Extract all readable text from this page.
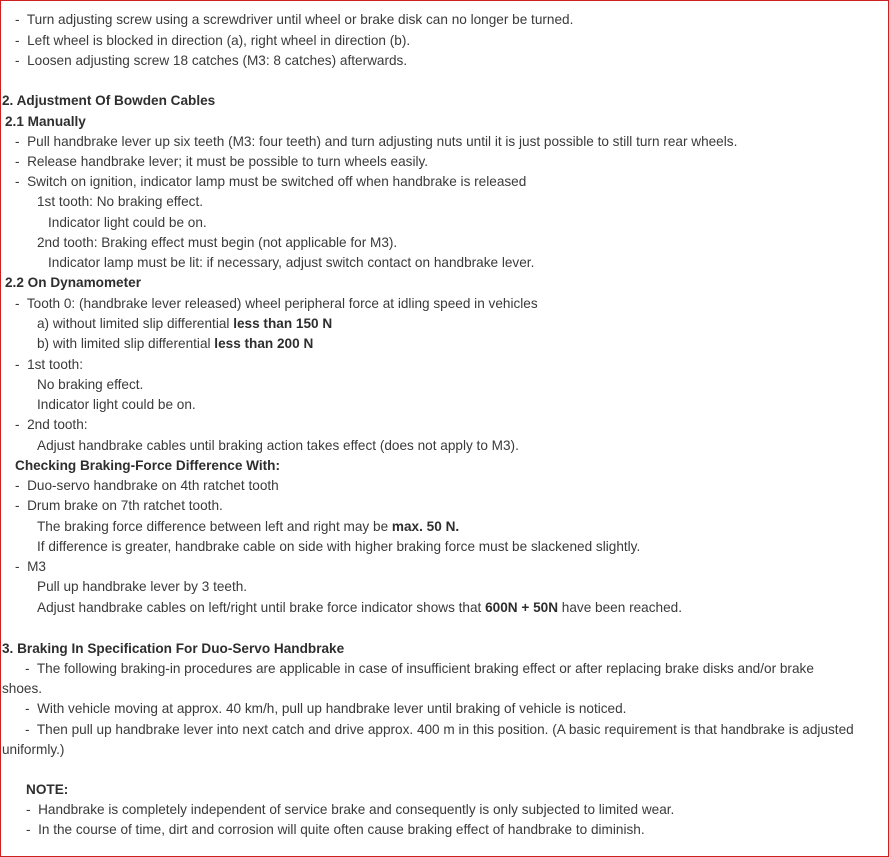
-  Turn adjusting screw using a screwdriver until wheel or brake disk can no longer be turned.
-  Left wheel is blocked in direction (a), right wheel in direction (b).
-  Loosen adjusting screw 18 catches (M3: 8 catches) afterwards.
2. Adjustment Of Bowden Cables
2.1 Manually
-  Pull handbrake lever up six teeth (M3: four teeth) and turn adjusting nuts until it is just possible to still turn rear wheels.
-  Release handbrake lever; it must be possible to turn wheels easily.
-  Switch on ignition, indicator lamp must be switched off when handbrake is released
1st tooth: No braking effect.
Indicator light could be on.
2nd tooth: Braking effect must begin (not applicable for M3).
Indicator lamp must be lit: if necessary, adjust switch contact on handbrake lever.
2.2 On Dynamometer
-  Tooth 0: (handbrake lever released) wheel peripheral force at idling speed in vehicles
a) without limited slip differential less than 150 N
b) with limited slip differential less than 200 N
-  1st tooth:
No braking effect.
Indicator light could be on.
-  2nd tooth:
Adjust handbrake cables until braking action takes effect (does not apply to M3).
Checking Braking-Force Difference With:
-  Duo-servo handbrake on 4th ratchet tooth
-  Drum brake on 7th ratchet tooth.
The braking force difference between left and right may be max. 50 N.
If difference is greater, handbrake cable on side with higher braking force must be slackened slightly.
-  M3
Pull up handbrake lever by 3 teeth.
Adjust handbrake cables on left/right until brake force indicator shows that 600N + 50N have been reached.
3. Braking In Specification For Duo-Servo Handbrake
-  The following braking-in procedures are applicable in case of insufficient braking effect or after replacing brake disks and/or brake
shoes.
-  With vehicle moving at approx. 40 km/h, pull up handbrake lever until braking of vehicle is noticed.
-  Then pull up handbrake lever into next catch and drive approx. 400 m in this position. (A basic requirement is that handbrake is adjusted
uniformly.)
NOTE:
-  Handbrake is completely independent of service brake and consequently is only subjected to limited wear.
-  In the course of time, dirt and corrosion will quite often cause braking effect of handbrake to diminish.
